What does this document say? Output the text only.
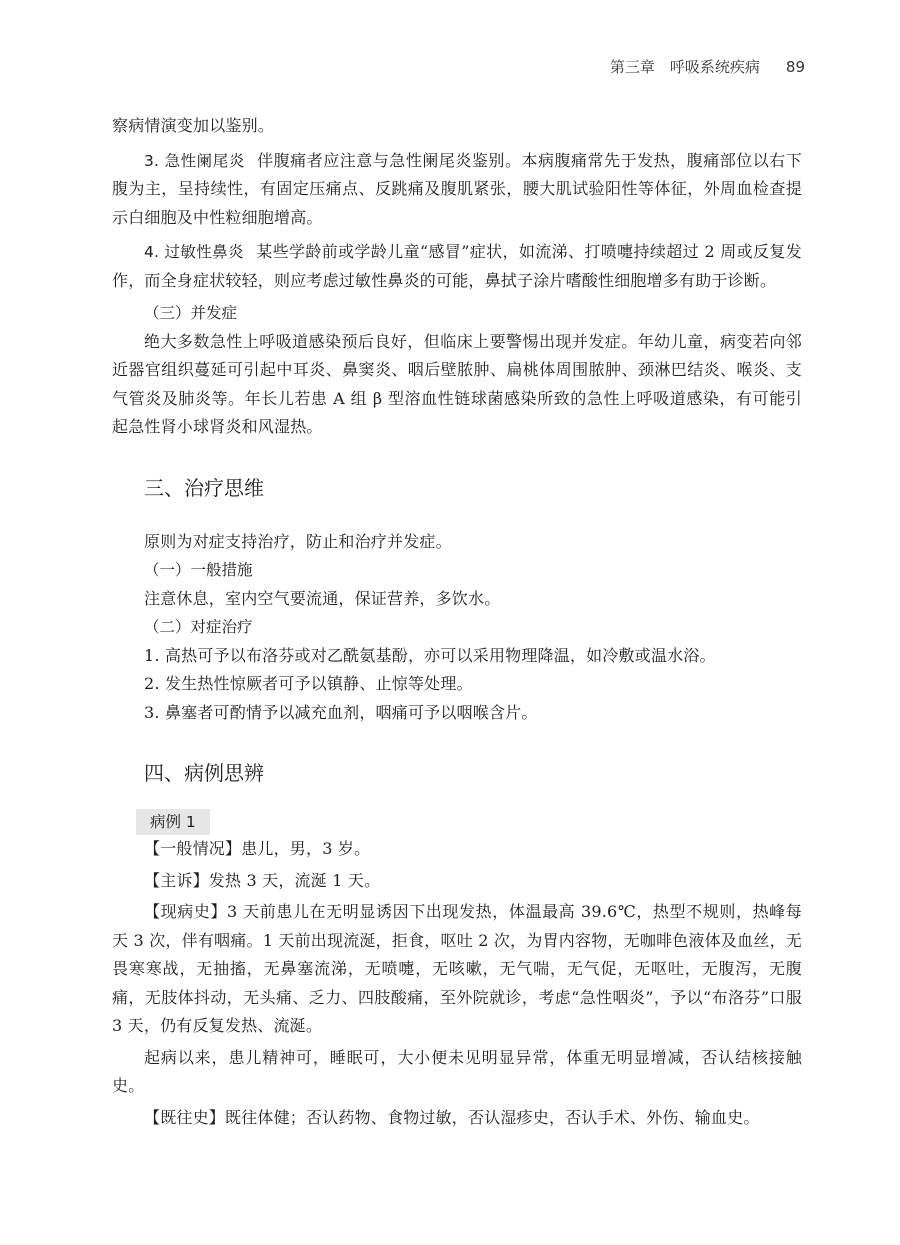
第三章　呼吸系统疾病 89

察病情演变加以鉴别。

3. 急性阑尾炎 伴腹痛者应注意与急性阑尾炎鉴别。本病腹痛常先于发热，腹痛部位以右下腹为主，呈持续性，有固定压痛点、反跳痛及腹肌紧张，腰大肌试验阳性等体征，外周血检查提示白细胞及中性粒细胞增高。

4. 过敏性鼻炎 某些学龄前或学龄儿童“感冒”症状，如流涕、打喷嚏持续超过 2 周或反复发作，而全身症状较轻，则应考虑过敏性鼻炎的可能，鼻拭子涂片嗜酸性细胞增多有助于诊断。

（三）并发症

绝大多数急性上呼吸道感染预后良好，但临床上要警惕出现并发症。年幼儿童，病变若向邻近器官组织蔓延可引起中耳炎、鼻窦炎、咽后壁脓肿、扁桃体周围脓肿、颈淋巴结炎、喉炎、支气管炎及肺炎等。年长儿若患 A 组 β 型溶血性链球菌感染所致的急性上呼吸道感染，有可能引起急性肾小球肾炎和风湿热。

三、治疗思维

原则为对症支持治疗，防止和治疗并发症。

（一）一般措施

注意休息，室内空气要流通，保证营养，多饮水。

（二）对症治疗

1. 高热可予以布洛芬或对乙酰氨基酚，亦可以采用物理降温，如冷敷或温水浴。

2. 发生热性惊厥者可予以镇静、止惊等处理。

3. 鼻塞者可酌情予以减充血剂，咽痛可予以咽喉含片。

四、病例思辨
病例 1

【一般情况】患儿，男，3 岁。

【主诉】发热 3 天，流涎 1 天。

【现病史】3 天前患儿在无明显诱因下出现发热，体温最高 39.6℃，热型不规则，热峰每天 3 次，伴有咽痛。1 天前出现流涎，拒食，呕吐 2 次，为胃内容物，无咖啡色液体及血丝，无畏寒寒战，无抽搐，无鼻塞流涕，无喷嚏，无咳嗽，无气喘，无气促，无呕吐，无腹泻，无腹痛，无肢体抖动，无头痛、乏力、四肢酸痛，至外院就诊，考虑“急性咽炎”，予以“布洛芬”口服 3 天，仍有反复发热、流涎。

起病以来，患儿精神可，睡眠可，大小便未见明显异常，体重无明显增减，否认结核接触史。

【既往史】既往体健；否认药物、食物过敏，否认湿疹史，否认手术、外伤、输血史。
